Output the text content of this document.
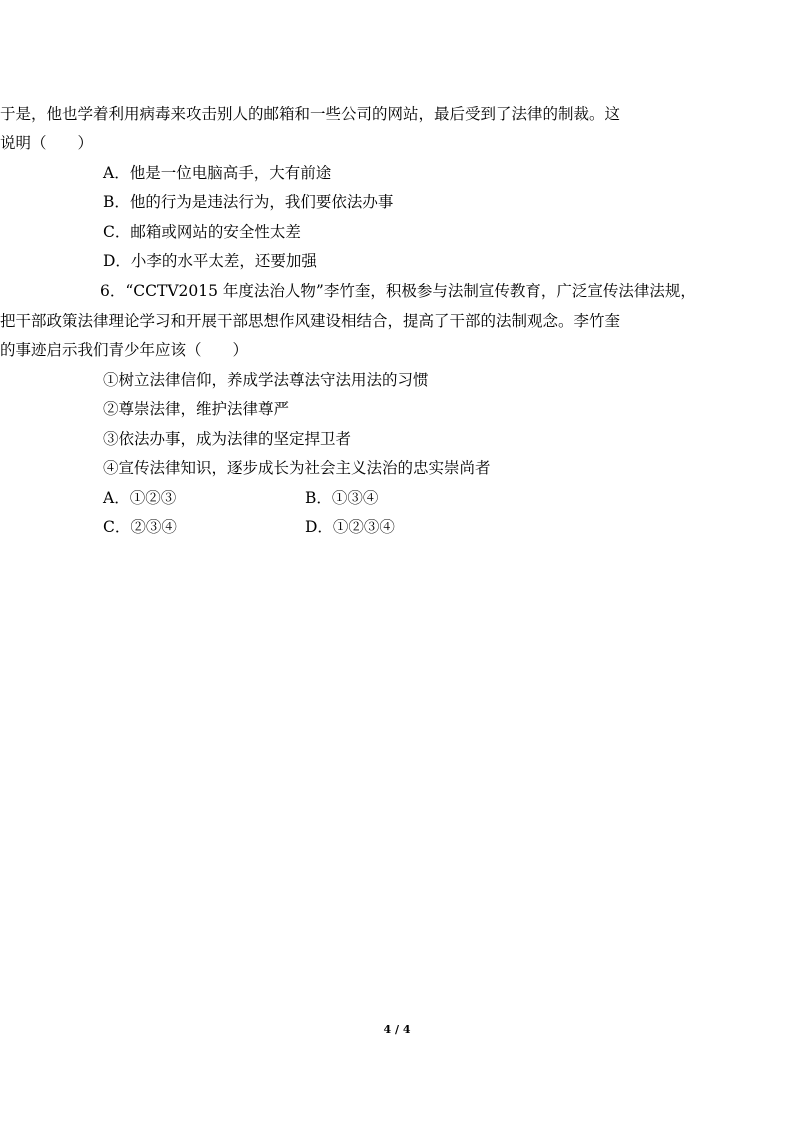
于是，他也学着利用病毒来攻击别人的邮箱和一些公司的网站，最后受到了法律的制裁。这
说明（　　）
A．他是一位电脑高手，大有前途
B．他的行为是违法行为，我们要依法办事
C．邮箱或网站的安全性太差
D．小李的水平太差，还要加强
6．“CCTV2015 年度法治人物”李竹奎，积极参与法制宣传教育，广泛宣传法律法规，
把干部政策法律理论学习和开展干部思想作风建设相结合，提高了干部的法制观念。李竹奎
的事迹启示我们青少年应该（　　）
①树立法律信仰，养成学法尊法守法用法的习惯
②尊崇法律，维护法律尊严
③依法办事，成为法律的坚定捍卫者
④宣传法律知识，逐步成长为社会主义法治的忠实崇尚者
A．①②③	B．①③④
C．②③④	D．①②③④
4 / 4
